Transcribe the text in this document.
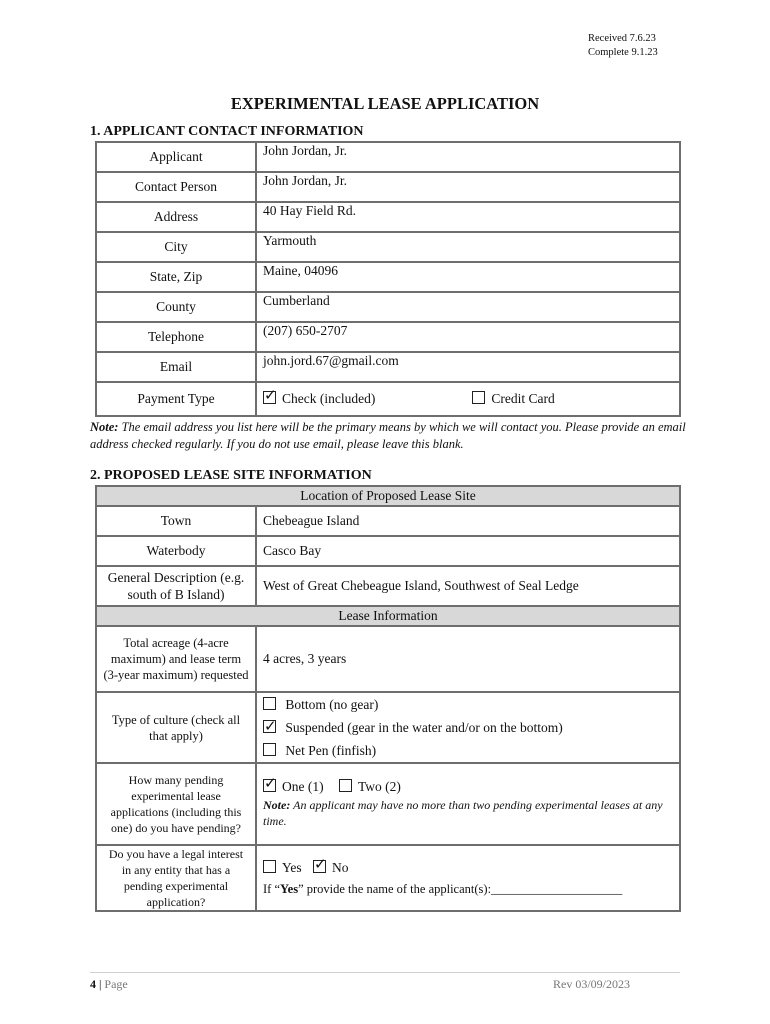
Received 7.6.23
Complete 9.1.23
EXPERIMENTAL LEASE APPLICATION
1. APPLICANT CONTACT INFORMATION
Applicant	John Jordan, Jr.
Contact Person	John Jordan, Jr.
Address	40 Hay Field Rd.
City	Yarmouth
State, Zip	Maine, 04096
County	Cumberland
Telephone	(207) 650-2707
Email	john.jord.67@gmail.com
Payment Type	✓Check (included) Credit Card
Note: The email address you list here will be the primary means by which we will contact you. Please provide an email address checked regularly. If you do not use email, please leave this blank.
2. PROPOSED LEASE SITE INFORMATION
Location of Proposed Lease Site	
Town	Chebeague Island
Waterbody	Casco Bay
General Description (e.g. south of B Island)	West of Great Chebeague Island, Southwest of Seal Ledge
Lease Information	
Total acreage (4-acre maximum) and lease term (3-year maximum) requested	4 acres, 3 years
Type of culture (check all that apply)	Bottom (no gear)
✓ Suspended (gear in the water and/or on the bottom)
Net Pen (finfish)

How many pending experimental lease applications (including this one) do you have pending?	✓One (1) Two (2)
Note: An applicant may have no more than two pending experimental leases at any time.

Do you have a legal interest in any entity that has a pending experimental application?	Yes ✓ No
If “Yes” provide the name of the applicant(s):_____________________
4 | Page	Rev 03/09/2023
